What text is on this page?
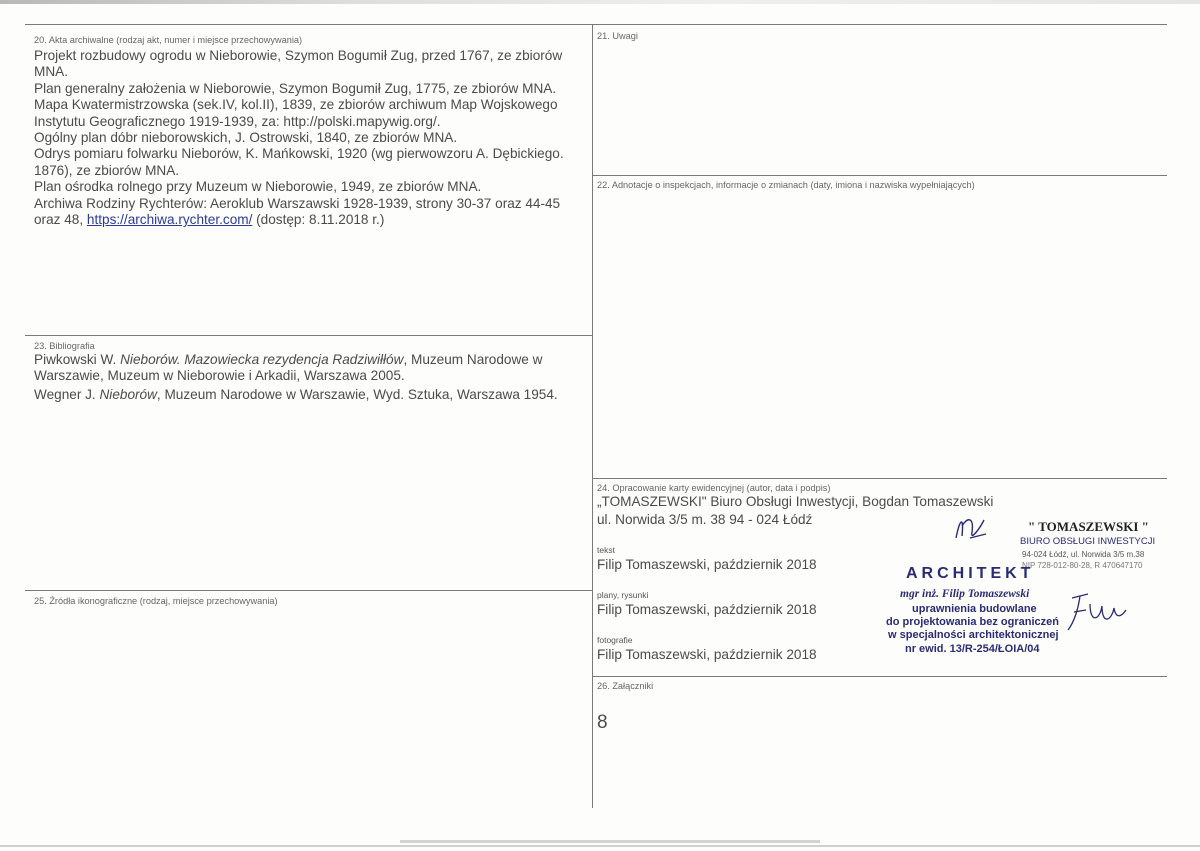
20. Akta archiwalne (rodzaj akt, numer i miejsce przechowywania)

Projekt rozbudowy ogrodu w Nieborowie, Szymon Bogumił Zug, przed 1767, ze zbiorów MNA.

Plan generalny założenia w Nieborowie, Szymon Bogumił Zug, 1775, ze zbiorów MNA.

Mapa Kwatermistrzowska (sek.IV, kol.II), 1839, ze zbiorów archiwum Map Wojskowego Instytutu Geograficznego 1919-1939, za: http://polski.mapywig.org/.

Ogólny plan dóbr nieborowskich, J. Ostrowski, 1840, ze zbiorów MNA.

Odrys pomiaru folwarku Nieborów, K. Mańkowski, 1920 (wg pierwowzoru A. Dębickiego. 1876), ze zbiorów MNA.

Plan ośrodka rolnego przy Muzeum w Nieborowie, 1949, ze zbiorów MNA.

Archiwa Rodziny Rychterów: Aeroklub Warszawski 1928-1939, strony 30-37 oraz 44-45 oraz 48, https://archiwa.rychter.com/ (dostęp: 8.11.2018 r.)

21. Uwagi
22. Adnotacje o inspekcjach, informacje o zmianach (daty, imiona i nazwiska wypełniających)
23. Bibliografia

Piwkowski W. Nieborów. Mazowiecka rezydencja Radziwiłłów, Muzeum Narodowe w Warszawie, Muzeum w Nieborowie i Arkadii, Warszawa 2005.

Wegner J. Nieborów, Muzeum Narodowe w Warszawie, Wyd. Sztuka, Warszawa 1954.

24. Opracowanie karty ewidencyjnej (autor, data i podpis)
„TOMASZEWSKI" Biuro Obsługi Inwestycji, Bogdan Tomaszewski
ul. Norwida 3/5 m. 38 94 - 024 Łódź
tekst
Filip Tomaszewski, październik 2018
plany, rysunki
Filip Tomaszewski, październik 2018
fotografie
Filip Tomaszewski, październik 2018
" TOMASZEWSKI "
BIURO OBSŁUGI INWESTYCJI
94-024 Łódź, ul. Norwida 3/5 m.38
NIP 728-012-80-28, R 470647170
ARCHITEKT
mgr inż. Filip Tomaszewski
uprawnienia budowlane
do projektowania bez ograniczeń
w specjalności architektonicznej
nr ewid. 13/R-254/ŁOIA/04
25. Źródła ikonograficzne (rodzaj, miejsce przechowywania)
26. Załączniki
8
